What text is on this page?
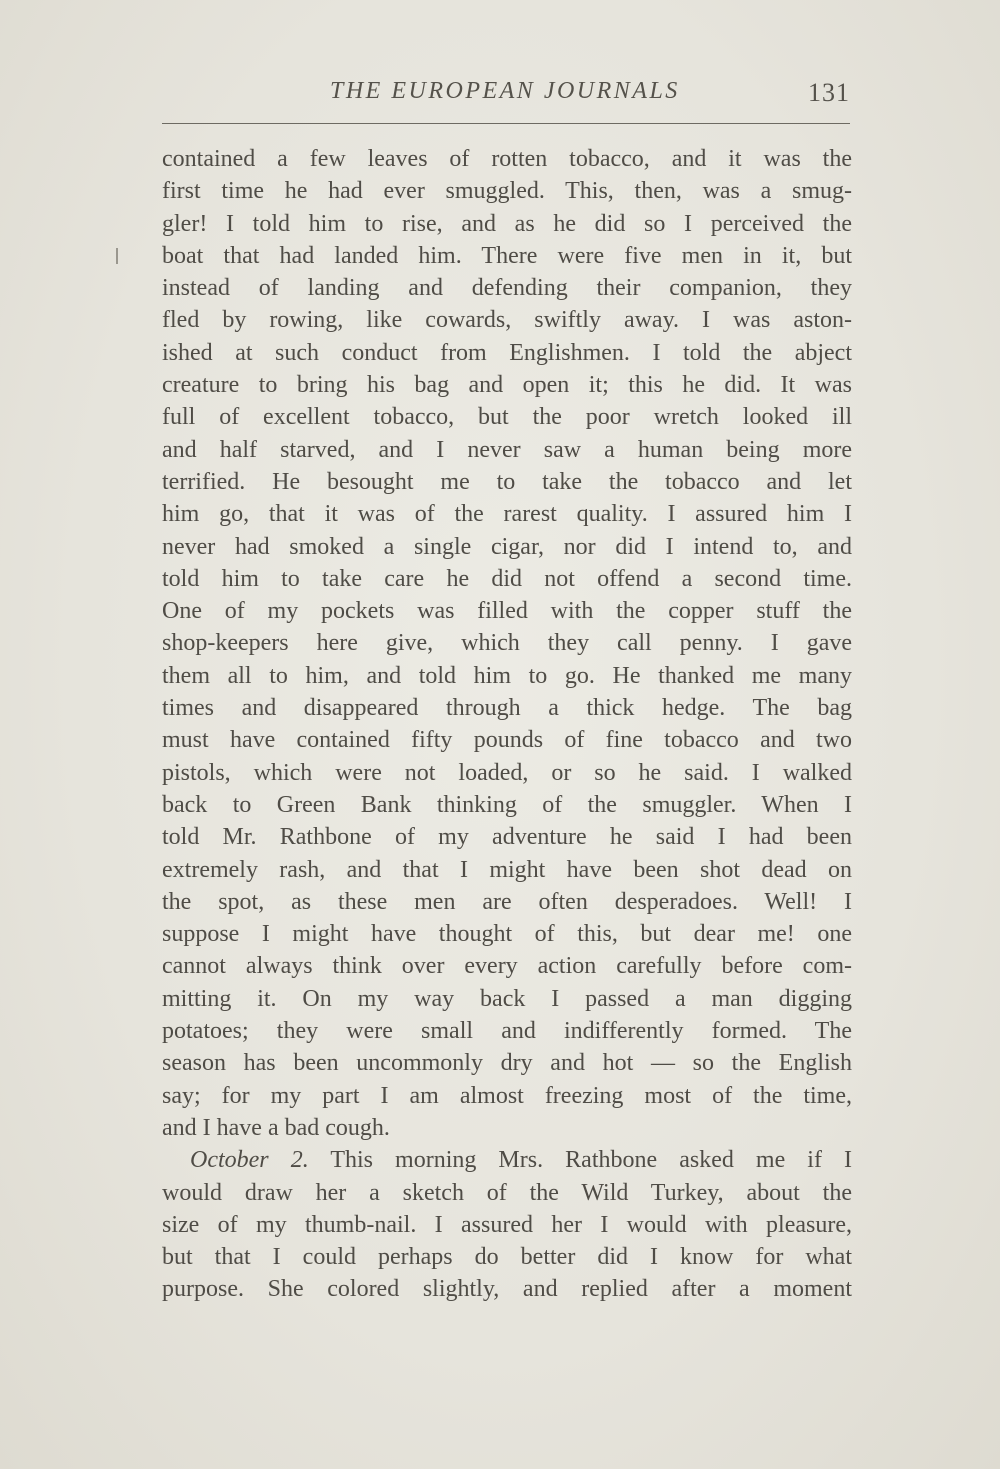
THE EUROPEAN JOURNALS	131
contained a few leaves of rotten tobacco, and it was the
first time he had ever smuggled. This, then, was a smug-
gler! I told him to rise, and as he did so I perceived the
boat that had landed him. There were five men in it, but
instead of landing and defending their companion, they
fled by rowing, like cowards, swiftly away. I was aston-
ished at such conduct from Englishmen. I told the abject
creature to bring his bag and open it; this he did. It was
full of excellent tobacco, but the poor wretch looked ill
and half starved, and I never saw a human being more
terrified. He besought me to take the tobacco and let
him go, that it was of the rarest quality. I assured him I
never had smoked a single cigar, nor did I intend to, and
told him to take care he did not offend a second time.
One of my pockets was filled with the copper stuff the
shop-keepers here give, which they call penny. I gave
them all to him, and told him to go. He thanked me many
times and disappeared through a thick hedge. The bag
must have contained fifty pounds of fine tobacco and two
pistols, which were not loaded, or so he said. I walked
back to Green Bank thinking of the smuggler. When I
told Mr. Rathbone of my adventure he said I had been
extremely rash, and that I might have been shot dead on
the spot, as these men are often desperadoes. Well! I
suppose I might have thought of this, but dear me! one
cannot always think over every action carefully before com-
mitting it. On my way back I passed a man digging
potatoes; they were small and indifferently formed. The
season has been uncommonly dry and hot — so the English
say; for my part I am almost freezing most of the time,
and I have a bad cough.
October 2. This morning Mrs. Rathbone asked me if I
would draw her a sketch of the Wild Turkey, about the
size of my thumb-nail. I assured her I would with pleasure,
but that I could perhaps do better did I know for what
purpose. She colored slightly, and replied after a moment
